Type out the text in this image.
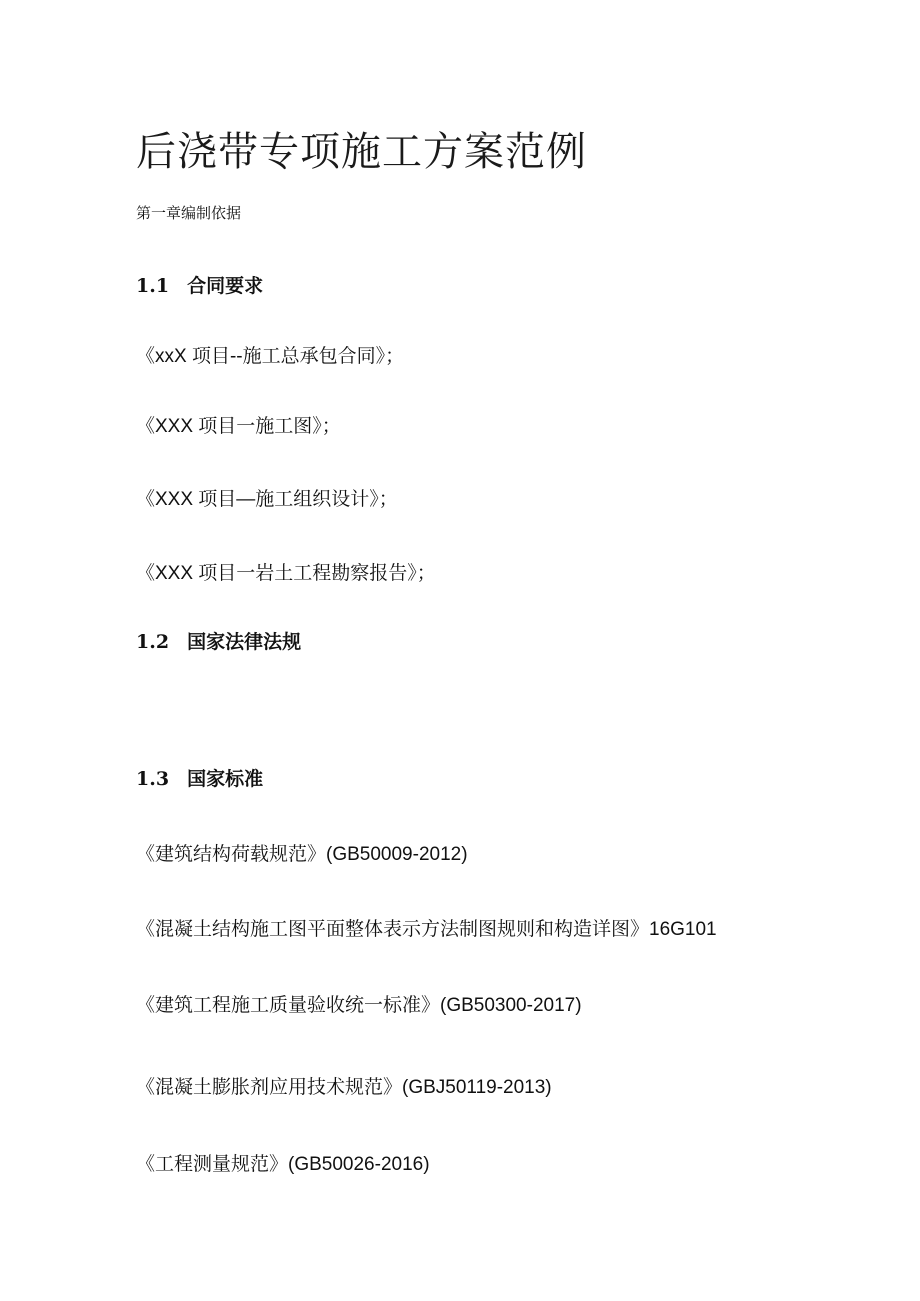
后浇带专项施工方案范例
第一章编制依据
1.1 合同要求
《xxX 项目--施工总承包合同》；
《XXX 项目一施工图》；
《XXX 项目—施工组织设计》；
《XXX 项目一岩土工程勘察报告》；
1.2 国家法律法规
1.3 国家标准
《建筑结构荷载规范》(GB50009-2012)
《混凝土结构施工图平面整体表示方法制图规则和构造详图》16G101
《建筑工程施工质量验收统一标准》(GB50300-2017)
《混凝土膨胀剂应用技术规范》(GBJ50119-2013)
《工程测量规范》(GB50026-2016)
